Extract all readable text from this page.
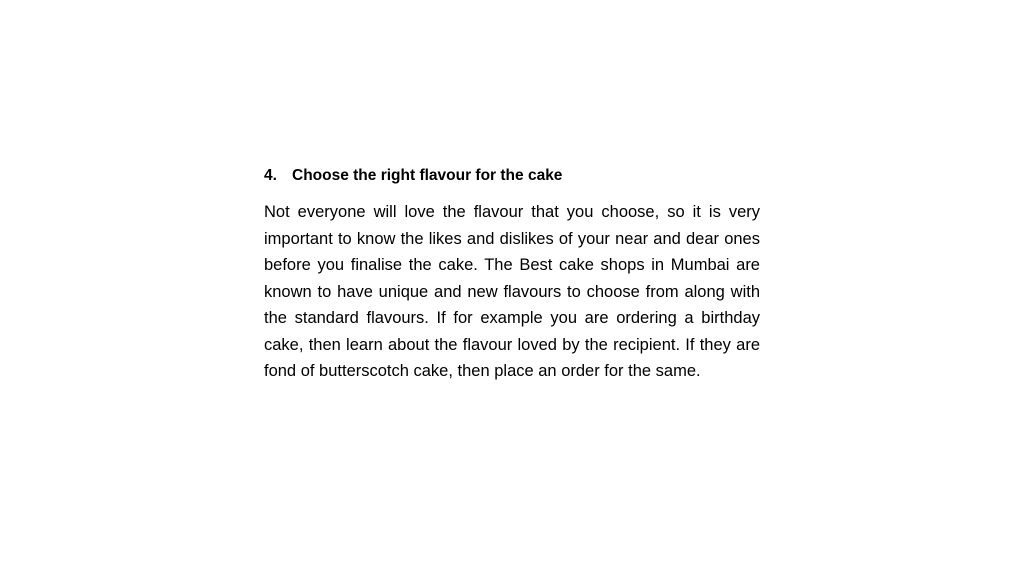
4. Choose the right flavour for the cake

Not everyone will love the flavour that you choose, so it is very important to know the likes and dislikes of your near and dear ones before you finalise the cake. The Best cake shops in Mumbai are known to have unique and new flavours to choose from along with the standard flavours. If for example you are ordering a birthday cake, then learn about the flavour loved by the recipient. If they are fond of butterscotch cake, then place an order for the same.
